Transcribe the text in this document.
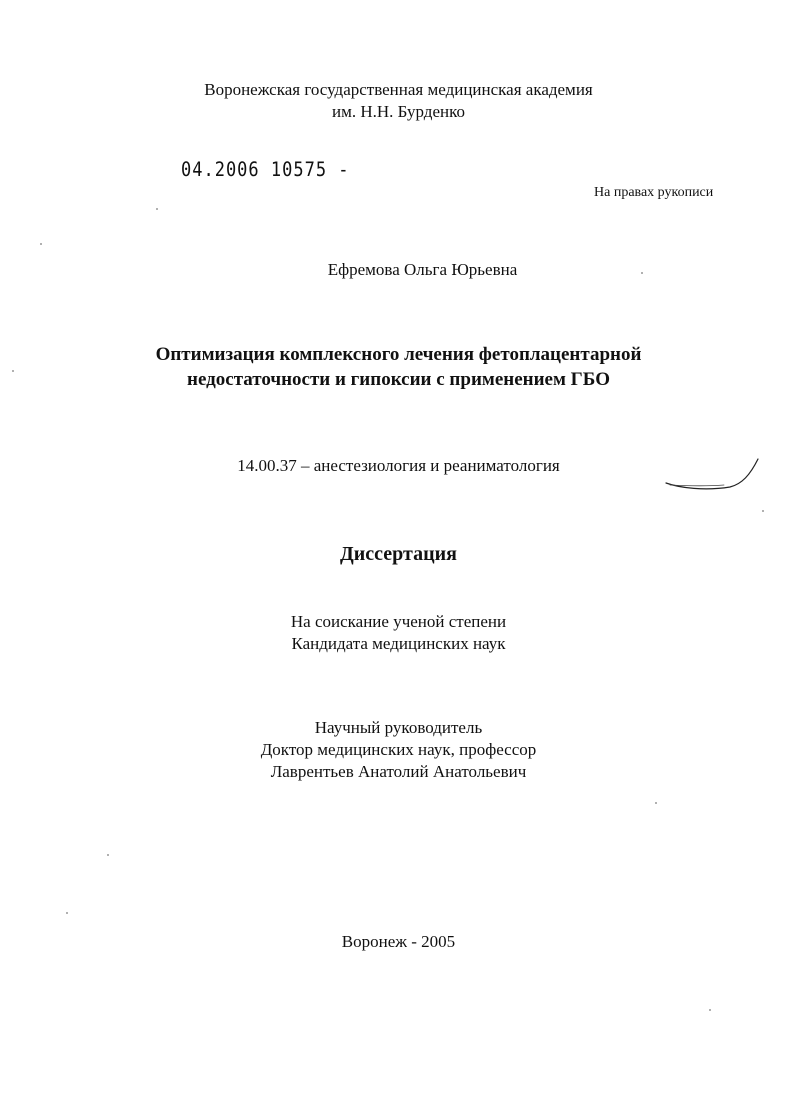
Воронежская государственная медицинская академия
им. Н.Н. Бурденко
04.2006 10575 -
На правах рукописи
Ефремова Ольга Юрьевна
Оптимизация комплексного лечения фетоплацентарной
недостаточности и гипоксии с применением ГБО
14.00.37 – анестезиология и реаниматология
Диссертация
На соискание ученой степени
Кандидата медицинских наук
Научный руководитель
Доктор медицинских наук, профессор
Лаврентьев Анатолий Анатольевич
Воронеж - 2005
